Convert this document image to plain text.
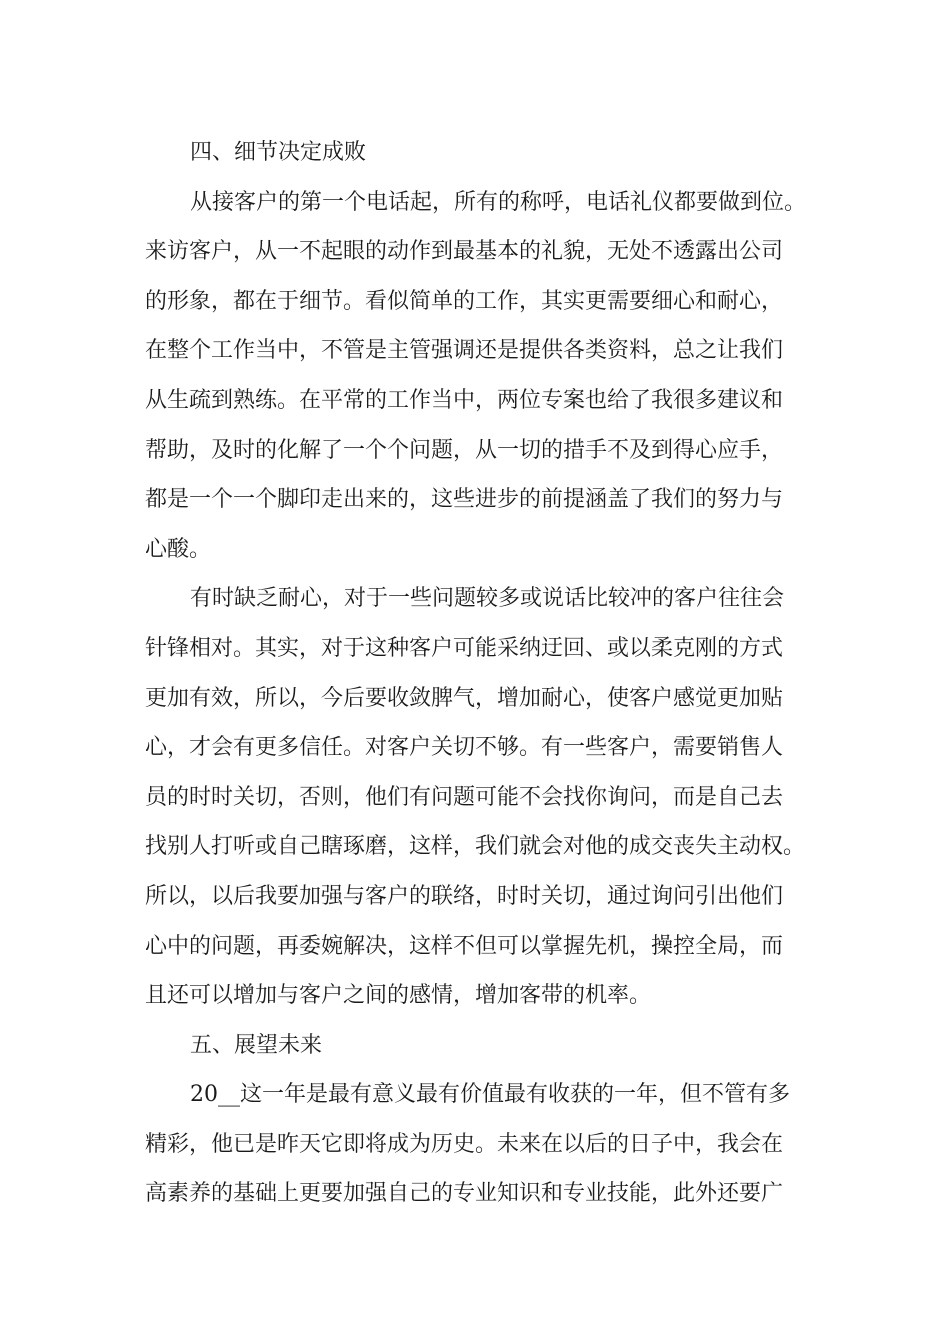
四、细节决定成败
从接客户的第一个电话起，所有的称呼，电话礼仪都要做到位。
来访客户，从一不起眼的动作到最基本的礼貌，无处不透露出公司
的形象，都在于细节。看似简单的工作，其实更需要细心和耐心，
在整个工作当中，不管是主管强调还是提供各类资料，总之让我们
从生疏到熟练。在平常的工作当中，两位专案也给了我很多建议和
帮助，及时的化解了一个个问题，从一切的措手不及到得心应手，
都是一个一个脚印走出来的，这些进步的前提涵盖了我们的努力与
心酸。
有时缺乏耐心，对于一些问题较多或说话比较冲的客户往往会
针锋相对。其实，对于这种客户可能采纳迂回、或以柔克刚的方式
更加有效，所以，今后要收敛脾气，增加耐心，使客户感觉更加贴
心，才会有更多信任。对客户关切不够。有一些客户，需要销售人
员的时时关切，否则，他们有问题可能不会找你询问，而是自己去
找别人打听或自己瞎琢磨，这样，我们就会对他的成交丧失主动权。
所以，以后我要加强与客户的联络，时时关切，通过询问引出他们
心中的问题，再委婉解决，这样不但可以掌握先机，操控全局，而
且还可以增加与客户之间的感情，增加客带的机率。
五、展望未来
20__这一年是最有意义最有价值最有收获的一年，但不管有多
精彩，他已是昨天它即将成为历史。未来在以后的日子中，我会在
高素养的基础上更要加强自己的专业知识和专业技能，此外还要广
